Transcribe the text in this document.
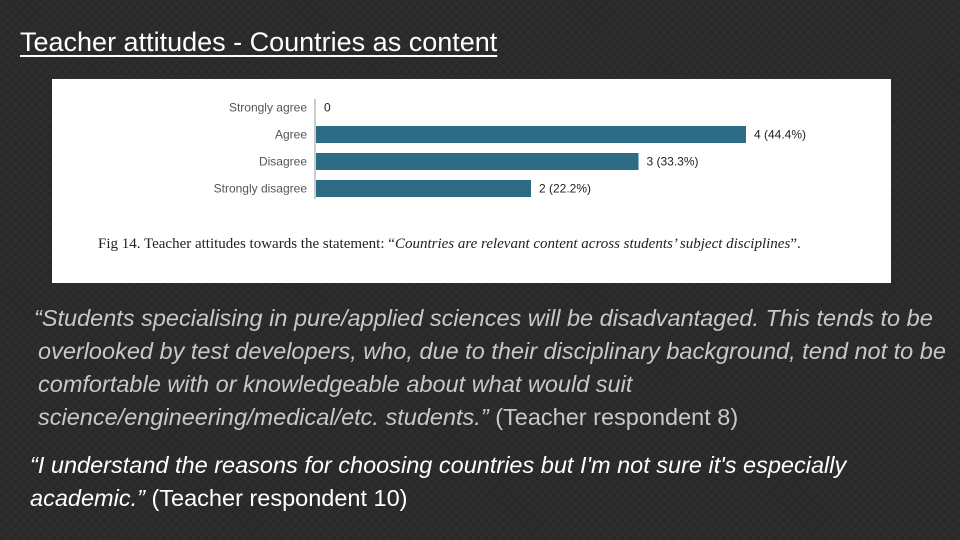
Teacher attitudes - Countries as content
Strongly agree 0
Agree	4 (44.4%)
Disagree	3 (33.3%)
Strongly disagree	2 (22.2%)
Fig 14. Teacher attitudes towards the statement: “Countries are relevant content across students’ subject disciplines”.
“Students specialising in pure/applied sciences will be disadvantaged. This tends to be overlooked by test developers, who, due to their disciplinary background, tend not to be comfortable with or knowledgeable about what would suit science/engineering/medical/etc. students.” (Teacher respondent 8)
“I understand the reasons for choosing countries but I'm not sure it's especially academic.” (Teacher respondent 10)
